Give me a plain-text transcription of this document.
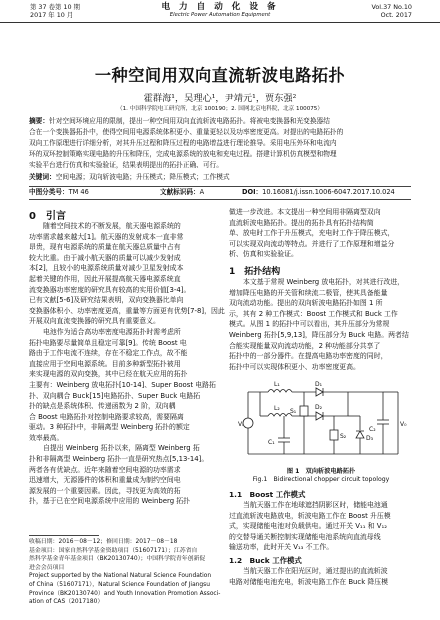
第 37 卷第 10 期
2017 年 10 月
电 力 自 动 化 设 备
Electric Power Automation Equipment
Vol.37 No.10
Oct. 2017
一种空间用双向直流斩波电路拓扑
霍群海¹，吴理心¹，尹靖元¹，贾东强²
（1. 中国科学院电工研究所，北京 100190；2. 国网北京电科院，北京 100075）
摘要：针对空间环境应用的限制，提出一种空间用双向直流斩波电路拓扑。将被电变换器和光变换器结
合在一个变换器拓扑中，使得空间用电源系统体积更小、重量更轻以及功率密度更高。对提出的电路拓扑的
双向工作原理进行详细分析，对其升压过程和降压过程的电路增益进行理论推导。采用电压外环和电流内
环的双环控制策略实现电路的升压和降压，完成电源系统的放电和充电过程。搭建计算机仿真模型和物理
实验平台进行仿真和实验验证，结果表明提出的拓扑正确、可行。
关键词：空间电源；双向斩波电路；升压模式；降压模式；工作模式
中图分类号：TM 46	文献标识码：A	DOI：10.16081/j.issn.1006-6047.2017.10.024
0　引言
随着空间技术的不断发展，航天器电源系统的
功率需求越来越大[1]。航天器的发射成本一直非常
昂贵，现有电源系统的质量在航天器总质量中占有
较大比重。由于减小航天器的质量可以减少发射成
本[2]，且较小的电源系统质量对减少卫星发射成本
起着关键的作用，因此开展提高航天器电源系统直
流变换器功率密度的研究具有较高的实用价值[3-4]。
已有文献[5-6]及研究结果表明，双向变换器比单向
变换器体积小、功率密度更高，重量等方面更有优势[7-8]，因此
开展双向直流变换器的研究具有重要意义。
电池作为适合高功率密度电源拓扑时需考虑所
拓扑电路要尽量简单且稳定可靠[9]。传统 Boost 电
路由于工作电流不连续，存在不稳定工作点，故不能
直接应用于空间电源系统。目前多种新型拓扑被用
来实现电源的双向变换，其中已经在航天应用的拓扑
主要有：Weinberg 放电拓扑[10-14]、Super Boost 电路拓
扑、双向耦合 Buck[15]电路拓扑、Super Buck 电路拓
扑的缺点是系统体积、传递函数为 2 阶，双向耦
合 Boost 电路拓扑对控制电路要求较高，需要隔离
驱动。3 种拓扑中，非隔离型 Weinberg 拓扑的额定
效率最高。
自提出 Weinberg 拓扑以来，隔离型 Weinberg 拓
扑和非隔离型 Weinberg 拓扑一直是研究热点[5,13-14]。
两者各有优缺点。近年来随着空间电源的功率需求
迅速增大，无源器件的体积和重量成为制约空间电
源发展的一个重要因素。因此，寻找更为高效的拓
扑，基于已在空间电源系统中应用的 Weinberg 拓扑
收稿日期：2016－08－12；修回日期：2017－08－18
基金项目：国家自然科学基金资助项目（51607171）；江苏省自
然科学基金青年基金项目（BK20130740）；中国科学院青年创新促
进会会员项目
Project supported by the National Natural Science Foundation
of China（51607171），Natural Science Foundation of Jiangsu
Province（BK20130740）and Youth Innovation Promotion Associ-
ation of CAS（2017180）
做进一步改进。本文提出一种空间用非隔离型双向
直流斩波电路拓扑。提出的拓扑具有拓扑结构简
单、放电时工作于升压模式，充电时工作于降压模式，
可以实现双向流动等特点。并进行了工作原理和增益分
析、仿真和实验验证。
1　拓扑结构
本文基于常规 Weinberg 放电拓扑，对其进行改进，
增加降压电路的开关管和续流二极管，使其具备能量
双向流动功能。提出的双向斩波电路拓扑如图 1 所
示，其有 2 种工作模式：Boost 工作模式和 Buck 工作
模式。从图 1 的拓扑中可以看出，其升压部分为常规
Weinberg 拓扑[5,9,13]，降压部分为 Buck 电路。两者结
合能实现能量双向流动功能，2 种功能部分共享了
拓扑中的一部分器件。在提高电路功率密度的同时，
拓扑中可以实现体积更小、功率密度更高。
L₁	D₁
D₂
Vᵢ
C₁
L₂ S₁
S₂
V₀
C₂
D₃
图 1　双向斩波电路拓扑
Fig.1　Bidirectional chopper circuit topology
1.1　Boost 工作模式
当航天器工作在地球遮挡阴影区时，储能电池通
过直流斩波电路放电，斩波电路工作在 Boost 升压模
式，实现储能电池对负载供电。通过开关 V₁₁ 和 V₁₂
的交替导通关断控制实现储能电池系统向直流母线
输送功率，此时开关 V₁₃ 不工作。
1.2　Buck 工作模式
当航天器工作在阳光区时，通过提出的直流斩波
电路对储能电池充电，斩波电路工作在 Buck 降压模
